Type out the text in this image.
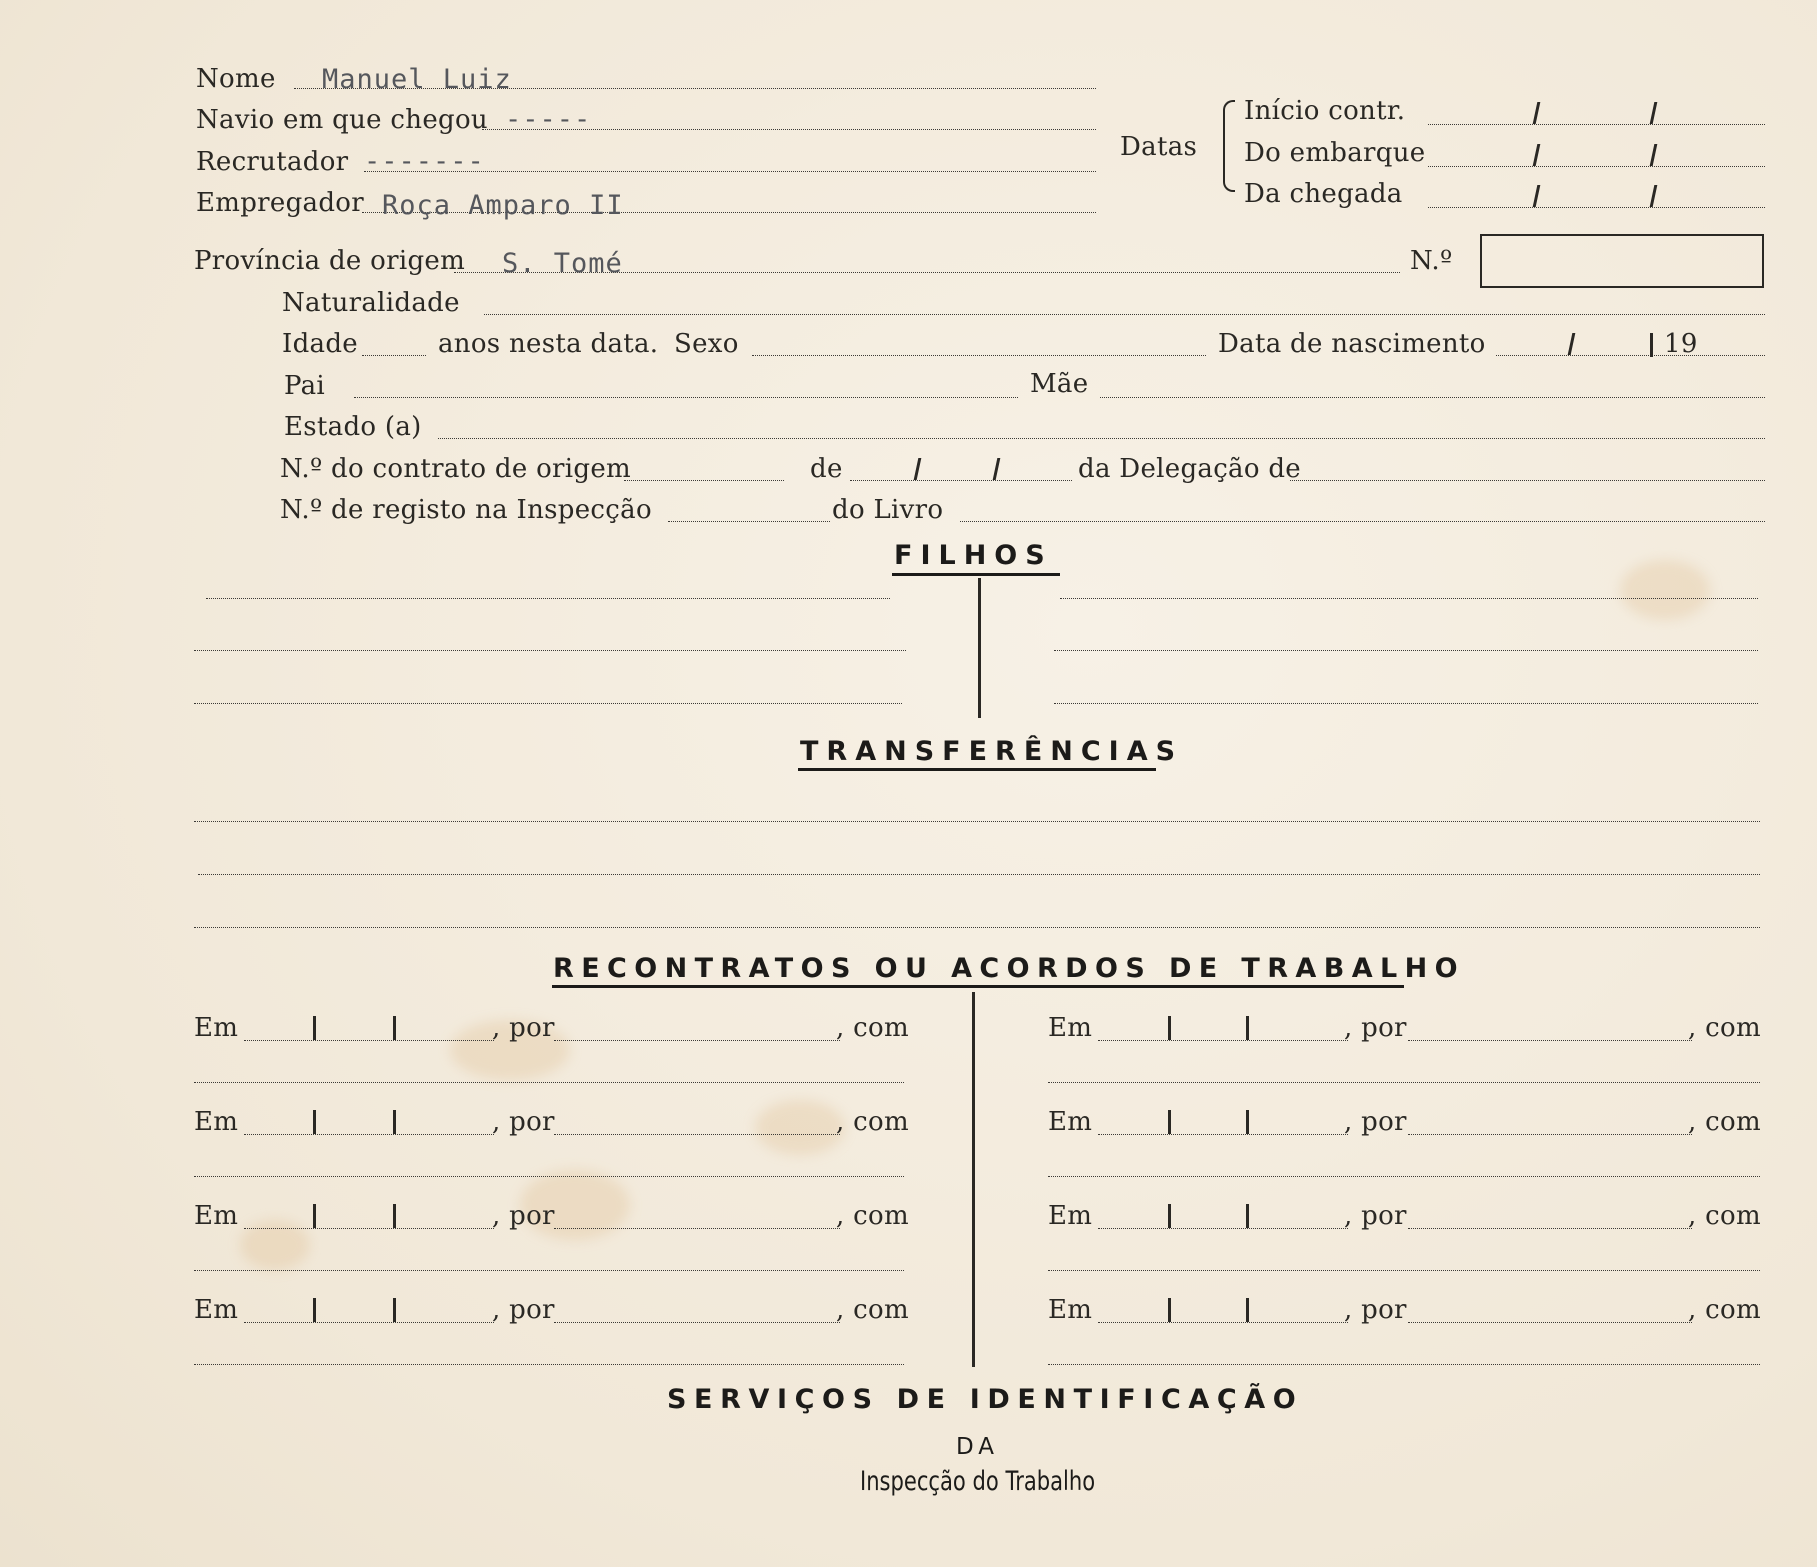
Nome Manuel Luiz
Navio em que chegou -----
Recrutador -------
Empregador Roça Amparo II
Datas
Início contr.
Do embarque
Da chegada
Província de origem S. Tomé	N.º
Naturalidade
Idade	anos nesta data. Sexo	Data de nascimento	19
Pai	Mãe
Estado (a)
N.º do contrato de origem	de	da Delegação de
N.º de registo na Inspecção	do Livro
FILHOS
TRANSFERÊNCIAS
RECONTRATOS OU ACORDOS DE TRABALHO
Em	, por	, com
Em	, por	, com
Em	, por	, com
Em	, por	, com
Em	, por	, com
Em	, por	, com
Em	, por	, com
Em	, por	, com
SERVIÇOS DE IDENTIFICAÇÃO
DA
Inspecção do Trabalho
